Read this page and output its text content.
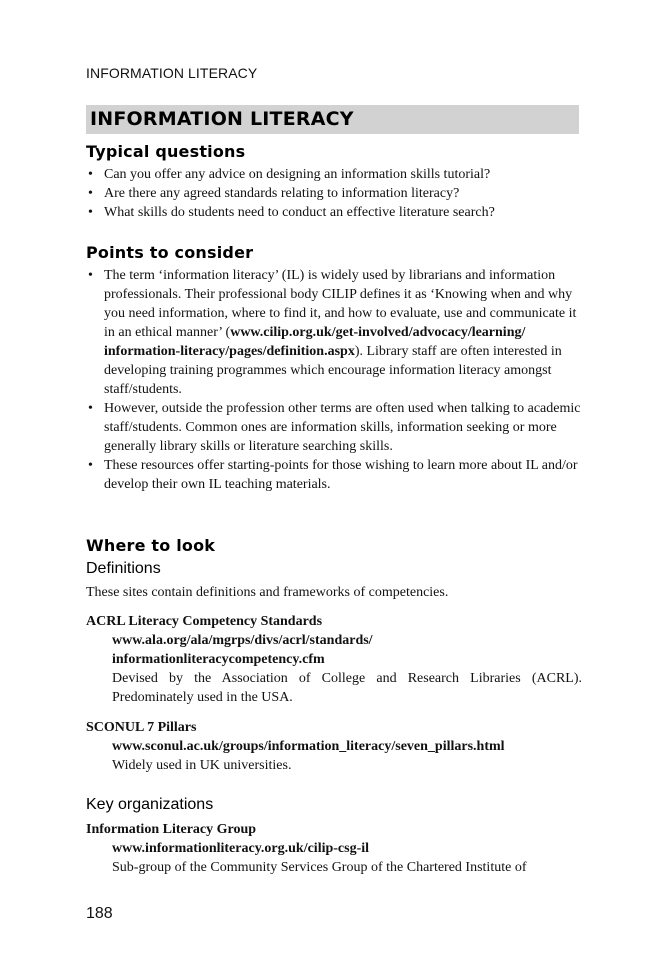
INFORMATION LITERACY
INFORMATION LITERACY
Typical questions
• Can you offer any advice on designing an information skills tutorial?
• Are there any agreed standards relating to information literacy?
• What skills do students need to conduct an effective literature search?
Points to consider
• The term ‘information literacy’ (IL) is widely used by librarians and information professionals. Their professional body CILIP defines it as ‘Knowing when and why you need information, where to find it, and how to evaluate, use and communicate it in an ethical manner’ (www.cilip.org.uk/get-involved/advocacy/learning/
information-literacy/pages/definition.aspx). Library staff are often interested in developing training programmes which encourage information literacy amongst staff/students.
• However, outside the profession other terms are often used when talking to academic staff/students. Common ones are information skills, information seeking or more generally library skills or literature searching skills.
• These resources offer starting-points for those wishing to learn more about IL and/or develop their own IL teaching materials.
Where to look
Definitions
These sites contain definitions and frameworks of competencies.
ACRL Literacy Competency Standards
www.ala.org/ala/mgrps/divs/acrl/standards/
informationliteracycompetency.cfm
Devised by the Association of College and Research Libraries (ACRL). Predominately used in the USA.
SCONUL 7 Pillars
www.sconul.ac.uk/groups/information_literacy/seven_pillars.html
Widely used in UK universities.
Key organizations
Information Literacy Group
www.informationliteracy.org.uk/cilip-csg-il
Sub-group of the Community Services Group of the Chartered Institute of
188
